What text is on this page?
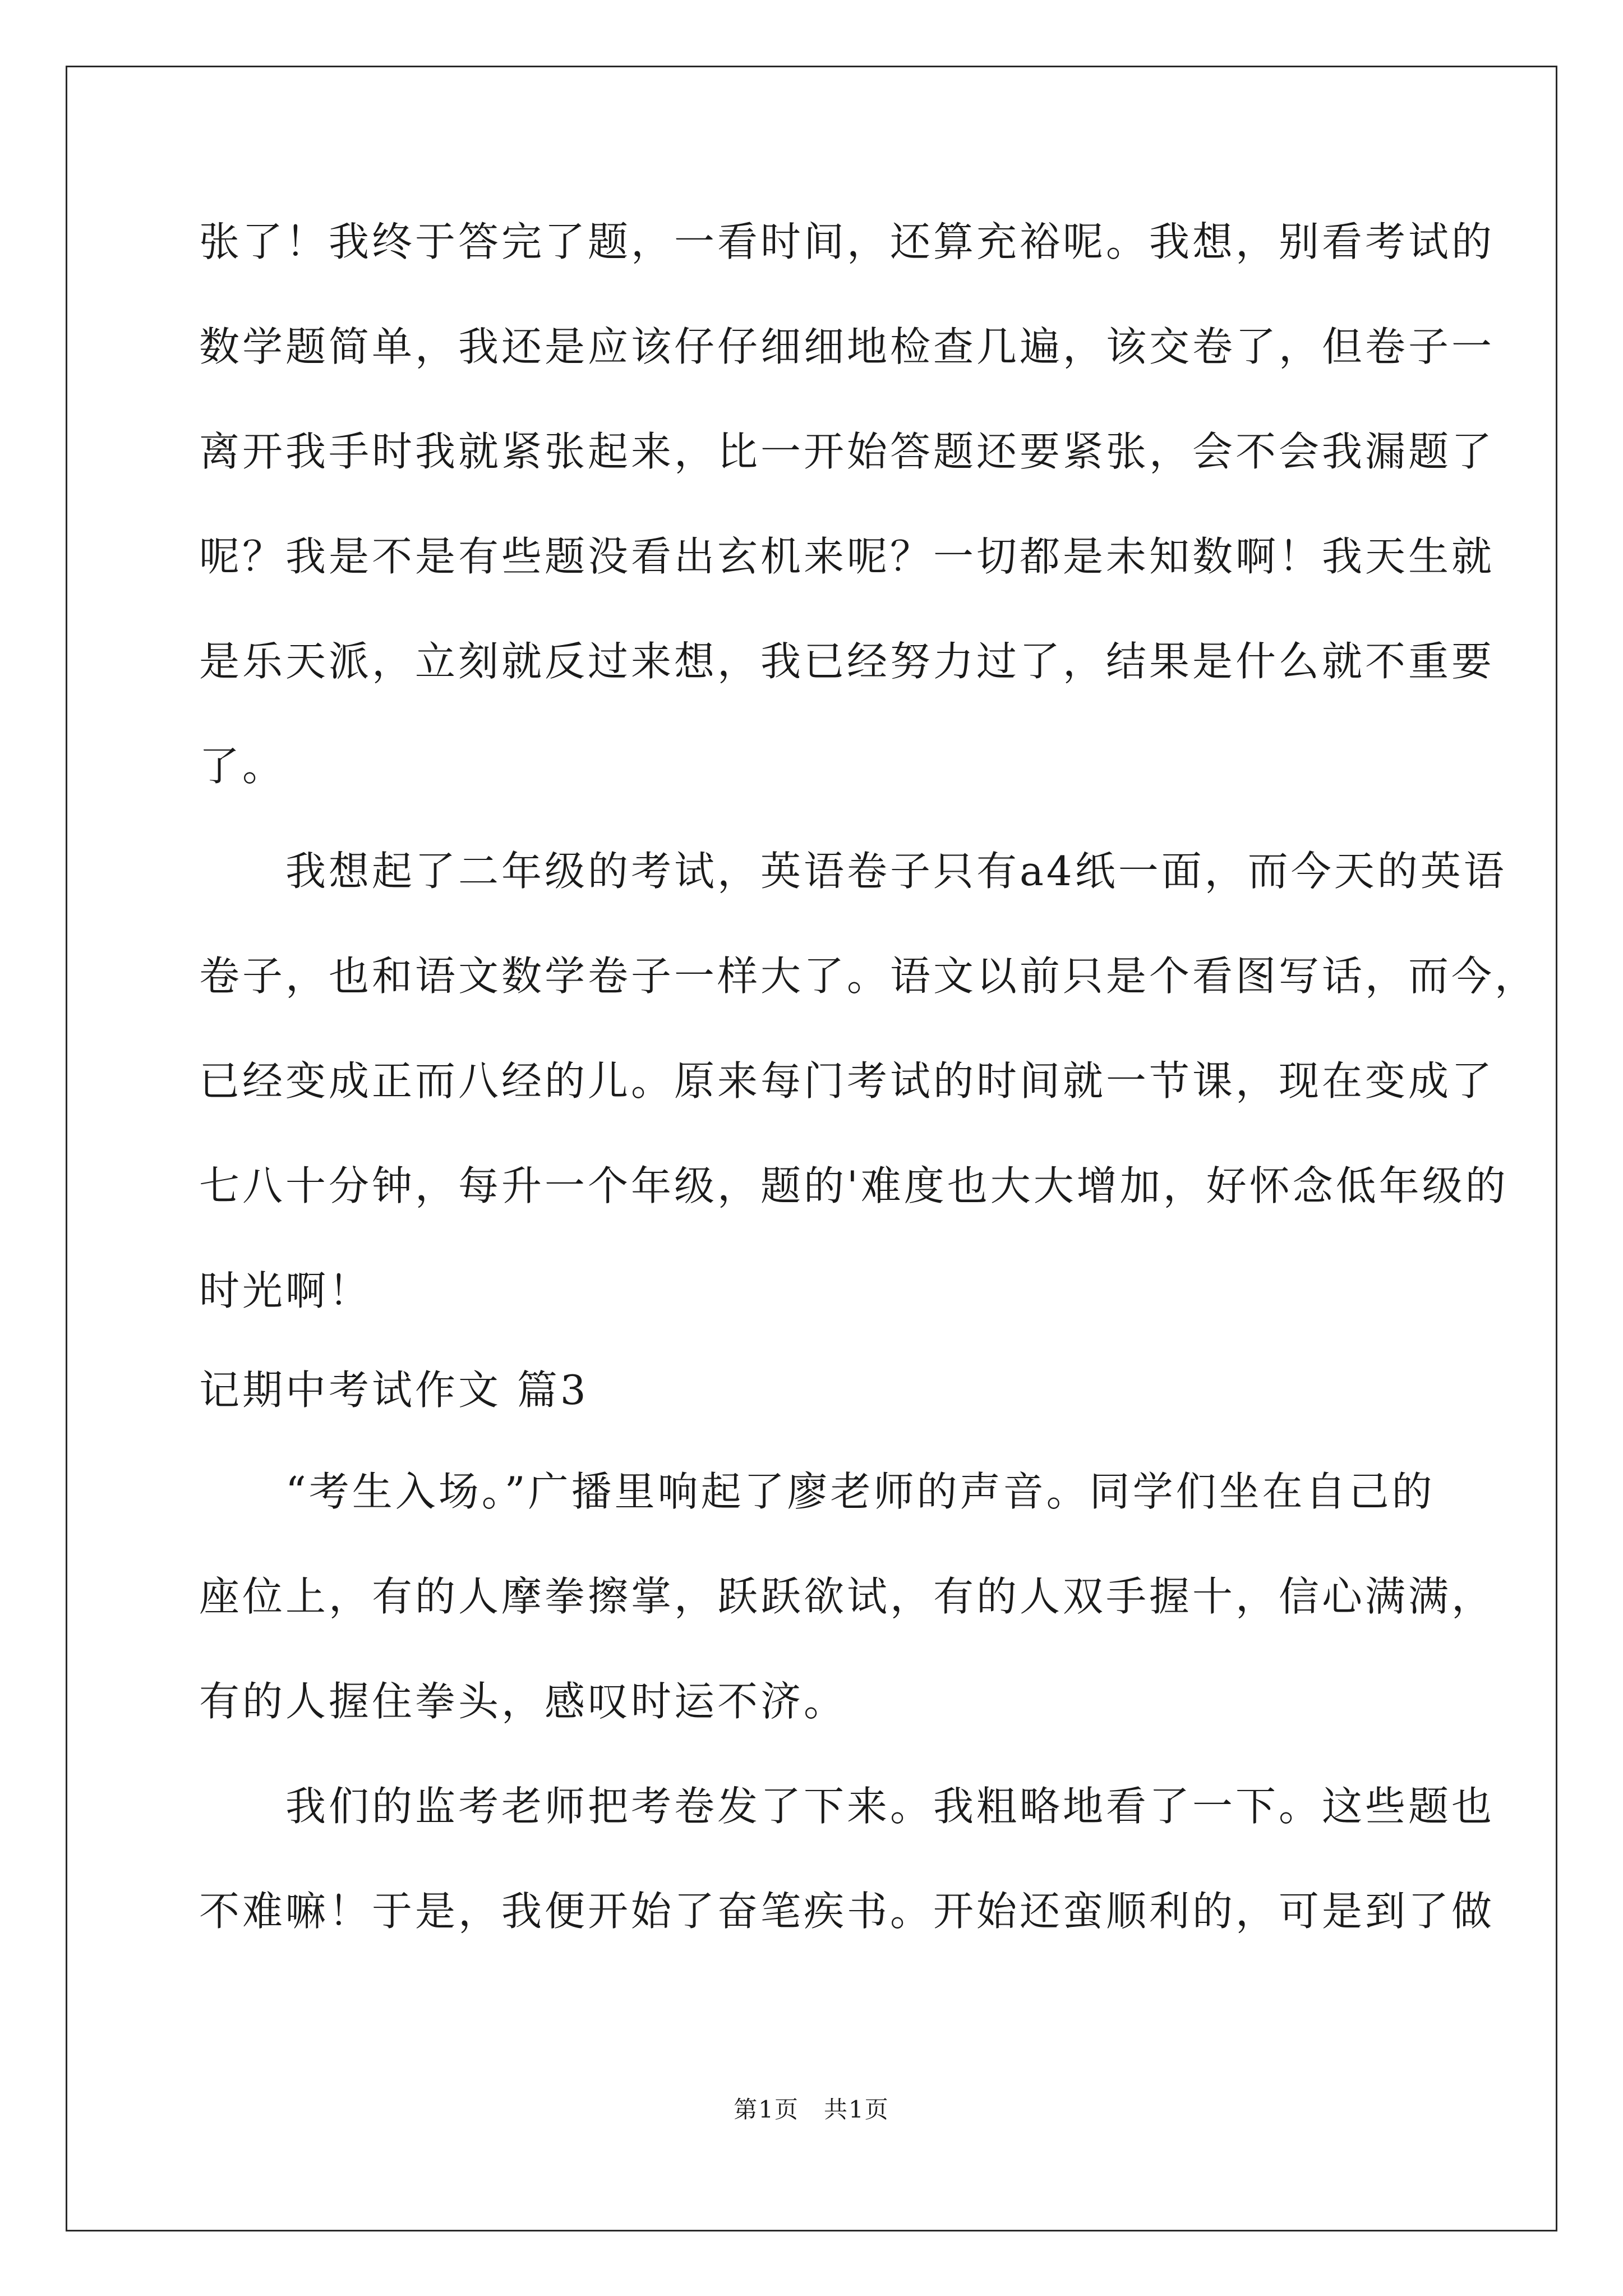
张了！我终于答完了题，一看时间，还算充裕呢。我想，别看考试的
数学题简单，我还是应该仔仔细细地检查几遍，该交卷了，但卷子一
离开我手时我就紧张起来，比一开始答题还要紧张，会不会我漏题了
呢？我是不是有些题没看出玄机来呢？一切都是未知数啊！我天生就
是乐天派，立刻就反过来想，我已经努力过了，结果是什么就不重要
了。
　　我想起了二年级的考试，英语卷子只有a4纸一面，而今天的英语
卷子，也和语文数学卷子一样大了。语文以前只是个看图写话，而今，
已经变成正而八经的儿。原来每门考试的时间就一节课，现在变成了
七八十分钟，每升一个年级，题的'难度也大大增加，好怀念低年级的
时光啊！
记期中考试作文 篇3
　　“考生入场。”广播里响起了廖老师的声音。同学们坐在自己的
座位上，有的人摩拳擦掌，跃跃欲试，有的人双手握十，信心满满，
有的人握住拳头，感叹时运不济。
　　我们的监考老师把考卷发了下来。我粗略地看了一下。这些题也
不难嘛！于是，我便开始了奋笔疾书。开始还蛮顺利的，可是到了做
第1页　共1页
